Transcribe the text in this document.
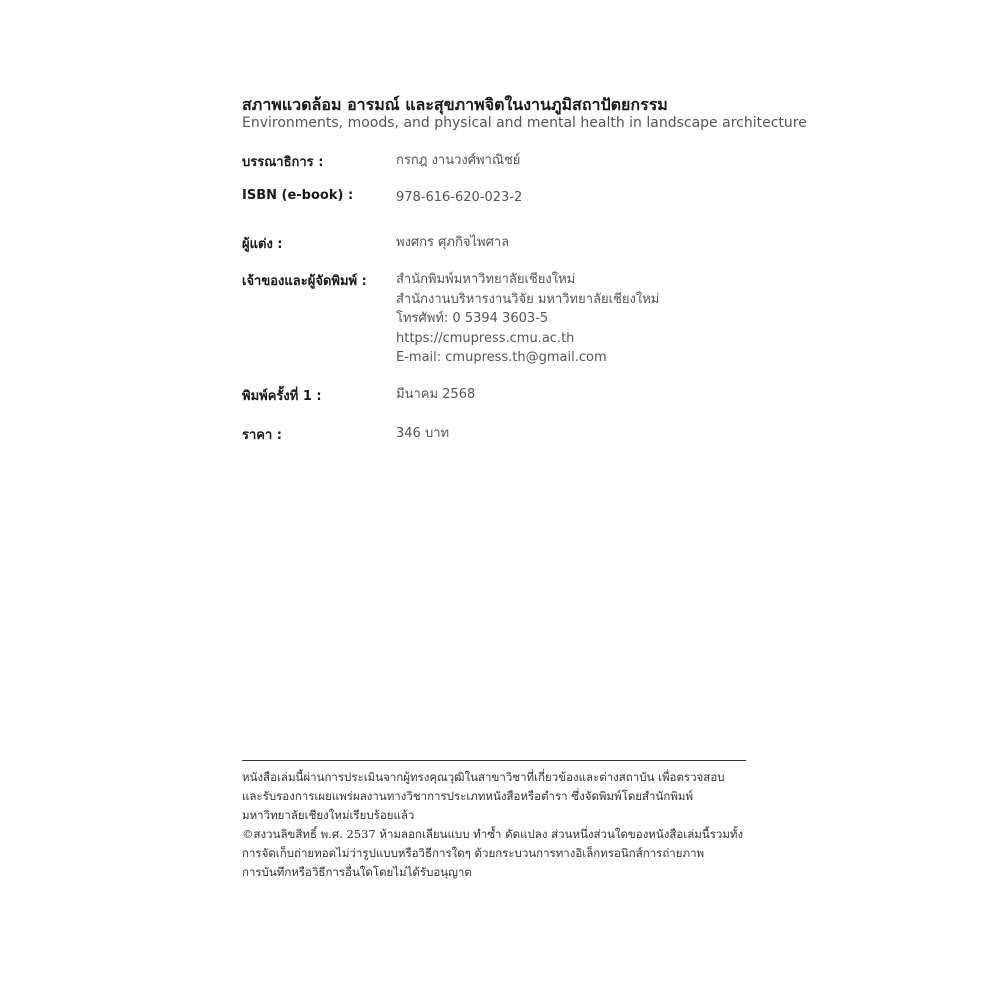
สภาพแวดล้อม อารมณ์ และสุขภาพจิตในงานภูมิสถาปัตยกรรม
Environments, moods, and physical and mental health in landscape architecture
บรรณาธิการ :	กรกฎ งานวงศ์พาณิชย์
ISBN (e-book) :	978-616-620-023-2
ผู้แต่ง :	พงศกร ศุภกิจไพศาล
เจ้าของและผู้จัดพิมพ์ : สำนักพิมพ์มหาวิทยาลัยเชียงใหม่
สำนักงานบริหารงานวิจัย มหาวิทยาลัยเชียงใหม่
โทรศัพท์: 0 5394 3603-5
https://cmupress.cmu.ac.th
E-mail: cmupress.th@gmail.com
พิมพ์ครั้งที่ 1 :	มีนาคม 2568
ราคา :	346 บาท
หนังสือเล่มนี้ผ่านการประเมินจากผู้ทรงคุณวุฒิในสาขาวิชาที่เกี่ยวข้องและต่างสถาบัน เพื่อตรวจสอบ
และรับรองการเผยแพร่ผลงานทางวิชาการประเภทหนังสือหรือตำรา ซึ่งจัดพิมพ์โดยสำนักพิมพ์
มหาวิทยาลัยเชียงใหม่เรียบร้อยแล้ว
©สงวนลิขสิทธิ์ พ.ศ. 2537 ห้ามลอกเลียนแบบ ทำซ้ำ ดัดแปลง ส่วนหนึ่งส่วนใดของหนังสือเล่มนี้รวมทั้ง
การจัดเก็บถ่ายทอดไม่ว่ารูปแบบหรือวิธีการใดๆ ด้วยกระบวนการทางอิเล็กทรอนิกส์การถ่ายภาพ
การบันทึกหรือวิธีการอื่นใดโดยไม่ได้รับอนุญาต
